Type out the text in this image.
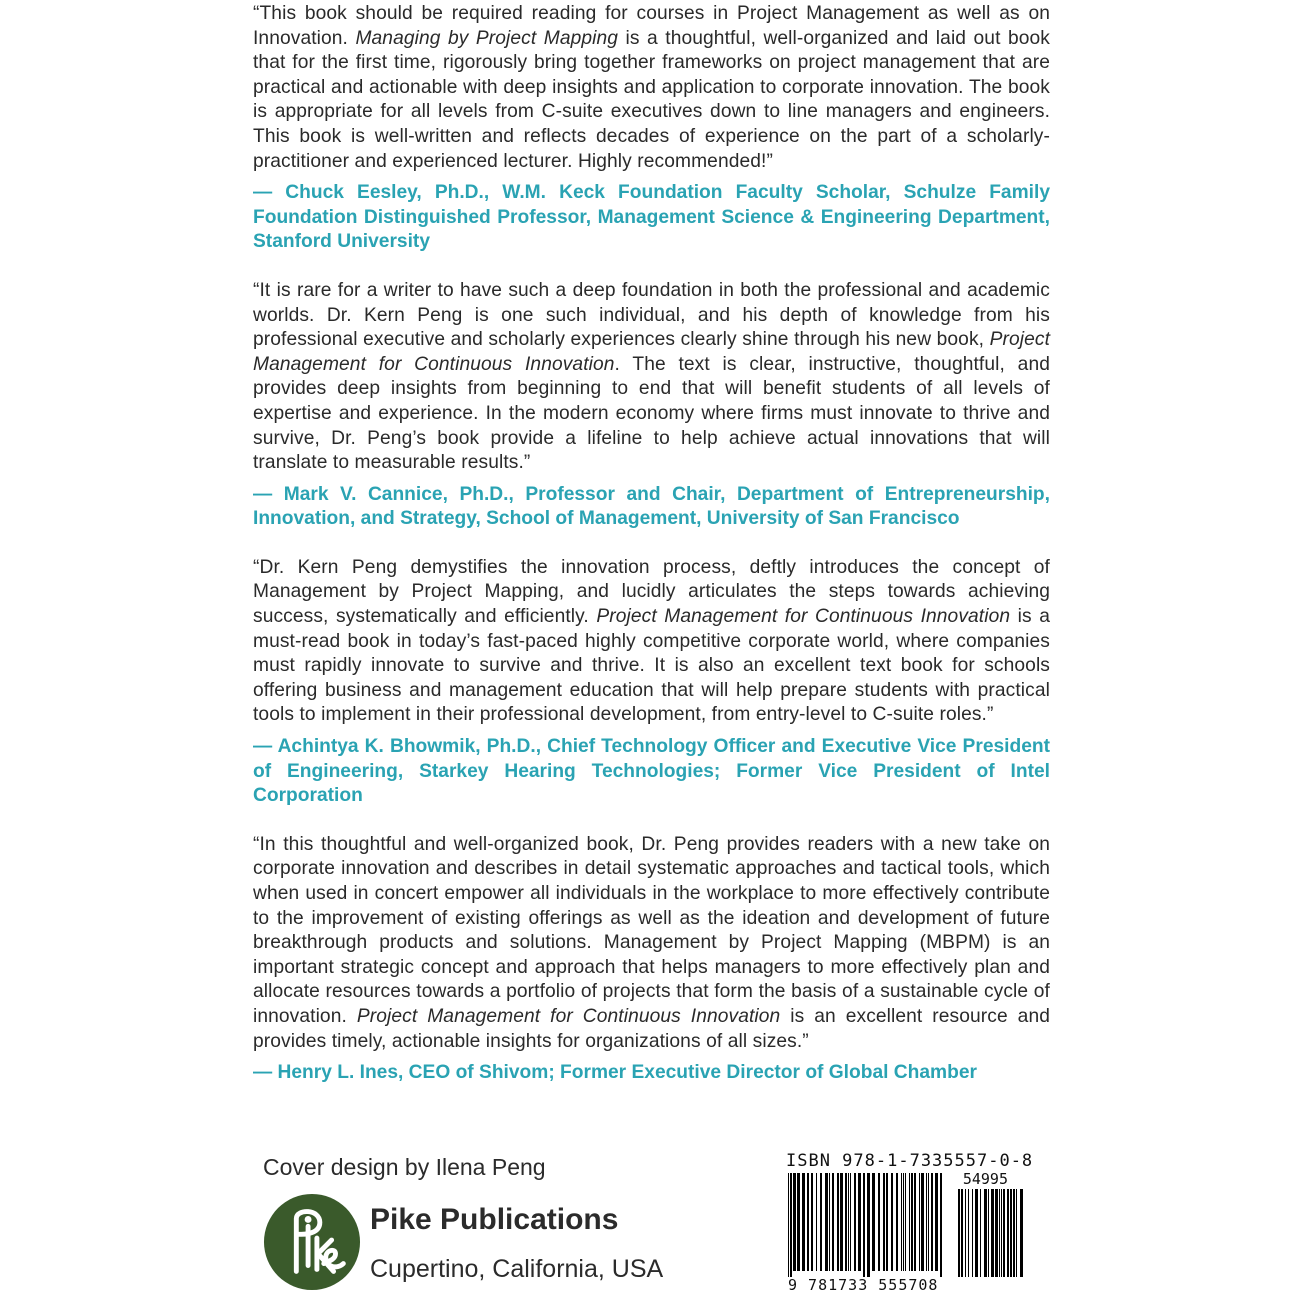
“This book should be required reading for courses in Project Management as well as on Innovation. Managing by Project Mapping is a thoughtful, well-organized and laid out book that for the first time, rigorously bring together frameworks on project management that are practical and actionable with deep insights and application to corporate innovation. The book is appropriate for all levels from C-suite executives down to line managers and engineers. This book is well-written and reflects decades of experience on the part of a scholarly-practitioner and experienced lecturer. Highly recommended!”

— Chuck Eesley, Ph.D., W.M. Keck Foundation Faculty Scholar, Schulze Family Foundation Distinguished Professor, Management Science & Engineering Department, Stanford University

“It is rare for a writer to have such a deep foundation in both the professional and academic worlds. Dr. Kern Peng is one such individual, and his depth of knowledge from his professional executive and scholarly experiences clearly shine through his new book, Project Management for Continuous Innovation. The text is clear, instructive, thoughtful, and provides deep insights from beginning to end that will benefit students of all levels of expertise and experience. In the modern economy where firms must innovate to thrive and survive, Dr. Peng’s book provide a lifeline to help achieve actual innovations that will translate to measurable results.”

— Mark V. Cannice, Ph.D., Professor and Chair, Department of Entrepreneurship, Innovation, and Strategy, School of Management, University of San Francisco

“Dr. Kern Peng demystifies the innovation process, deftly introduces the concept of Management by Project Mapping, and lucidly articulates the steps towards achieving success, systematically and efficiently. Project Management for Continuous Innovation is a must-read book in today’s fast-paced highly competitive corporate world, where companies must rapidly innovate to survive and thrive. It is also an excellent text book for schools offering business and management education that will help prepare students with practical tools to implement in their professional development, from entry-level to C-suite roles.”

— Achintya K. Bhowmik, Ph.D., Chief Technology Officer and Executive Vice President of Engineering, Starkey Hearing Technologies; Former Vice President of Intel Corporation

“In this thoughtful and well-organized book, Dr. Peng provides readers with a new take on corporate innovation and describes in detail systematic approaches and tactical tools, which when used in concert empower all individuals in the workplace to more effectively contribute to the improvement of existing offerings as well as the ideation and development of future breakthrough products and solutions. Management by Project Mapping (MBPM) is an important strategic concept and approach that helps managers to more effectively plan and allocate resources towards a portfolio of projects that form the basis of a sustainable cycle of innovation. Project Management for Continuous Innovation is an excellent resource and provides timely, actionable insights for organizations of all sizes.”

— Henry L. Ines, CEO of Shivom; Former Executive Director of Global Chamber

Cover design by Ilena Peng
Pike Publications
Cupertino, California, USA
ISBN 978-1-7335557-0-8
54995
9 781733 555708
